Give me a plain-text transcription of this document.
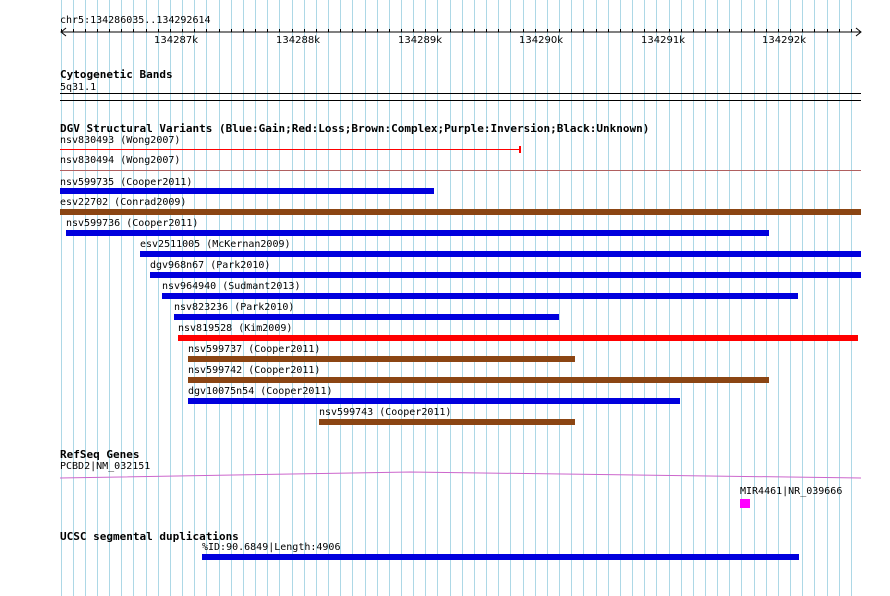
chr5:134286035..134292614
134287k	134288k	134289k	134290k	134291k	134292k
Cytogenetic Bands
5q31.1
DGV Structural Variants (Blue:Gain;Red:Loss;Brown:Complex;Purple:Inversion;Black:Unknown)
nsv830493 (Wong2007)
nsv830494 (Wong2007)
nsv599735 (Cooper2011)
esv22702 (Conrad2009)
nsv599736 (Cooper2011)
esv2511005 (McKernan2009)
dgv968n67 (Park2010)
nsv964940 (Sudmant2013)
nsv823236 (Park2010)
nsv819528 (Kim2009)
nsv599737 (Cooper2011)
nsv599742 (Cooper2011)
dgv10075n54 (Cooper2011)
nsv599743 (Cooper2011)
RefSeq Genes
PCBD2|NM_032151
MIR4461|NR_039666
UCSC segmental duplications
%ID:90.6849|Length:4906
